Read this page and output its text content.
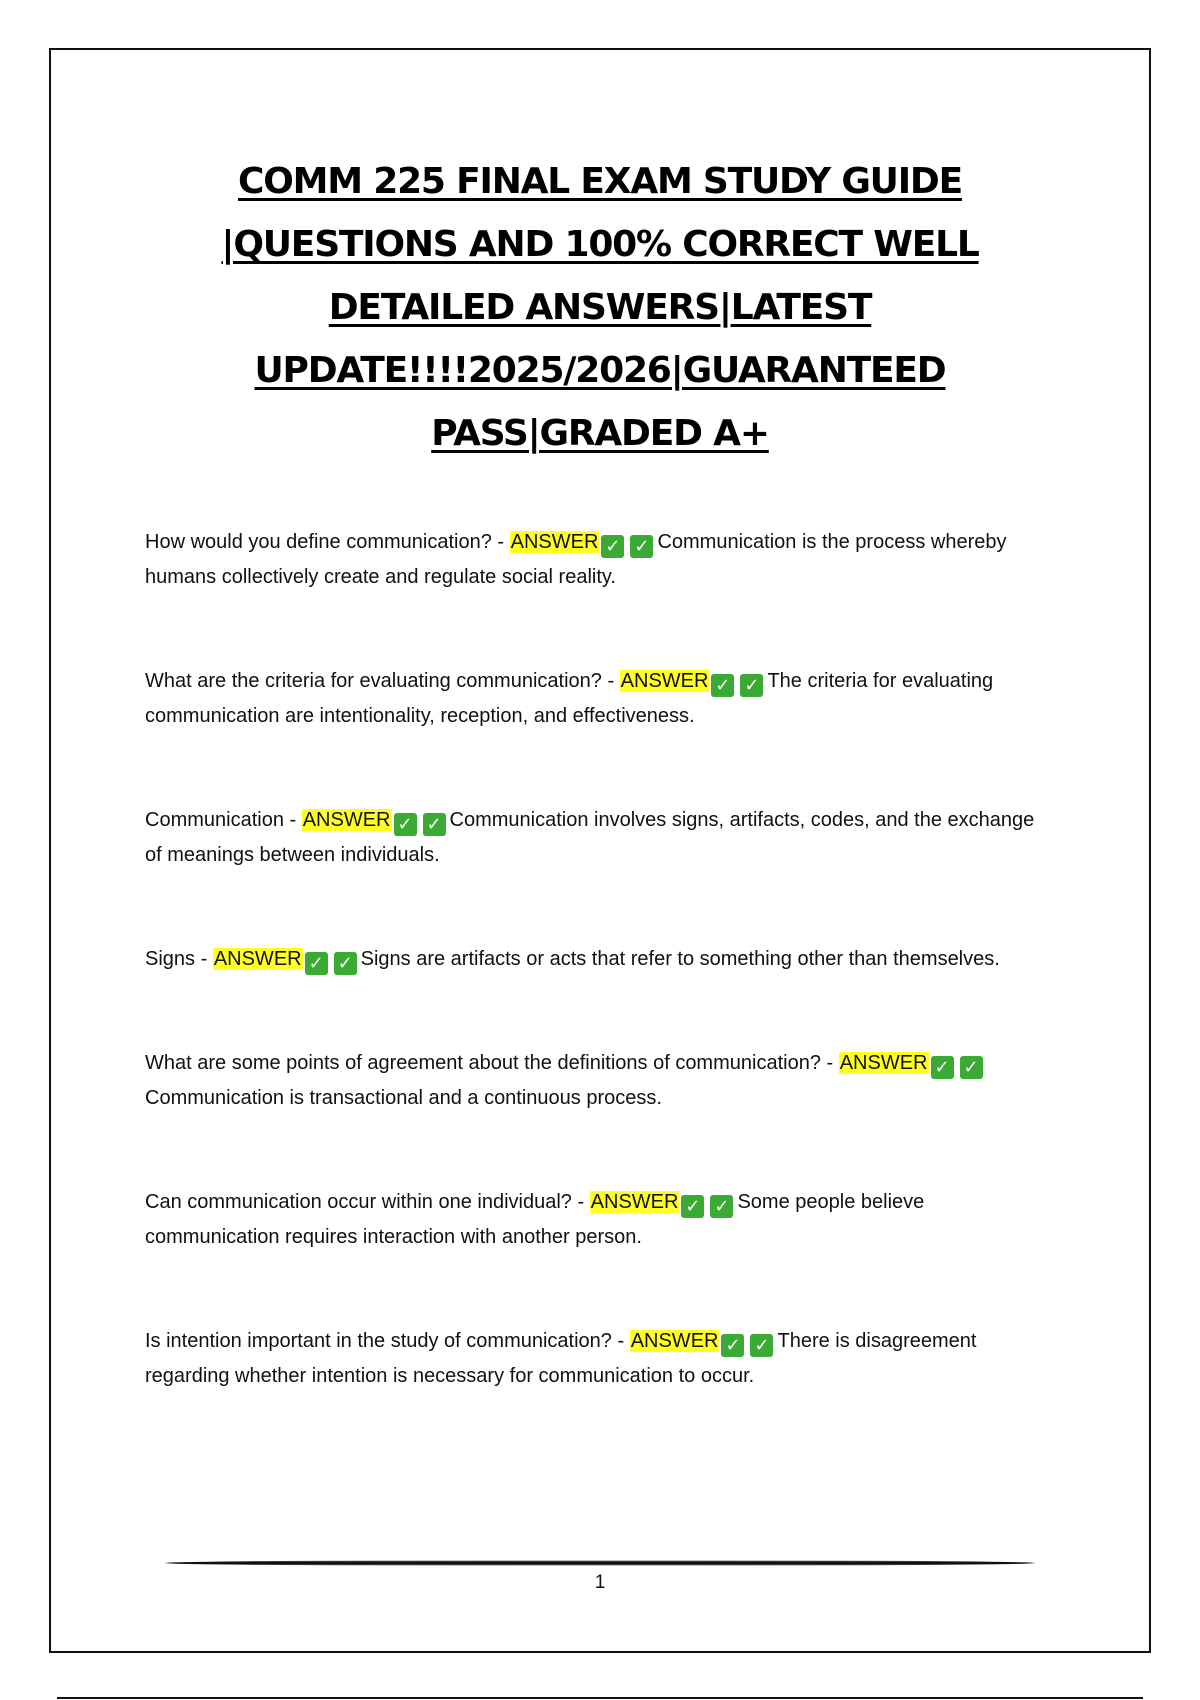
COMM 225 FINAL EXAM STUDY GUIDE
|QUESTIONS AND 100% CORRECT WELL
DETAILED ANSWERS|LATEST
UPDATE!!!!2025/2026|GUARANTEED
PASS|GRADED A+

How would you define communication? - ANSWER ✓ ✓ Communication is the process whereby humans collectively create and regulate social reality.

What are the criteria for evaluating communication? - ANSWER ✓ ✓ The criteria for evaluating communication are intentionality, reception, and effectiveness.

Communication - ANSWER ✓ ✓ Communication involves signs, artifacts, codes, and the exchange of meanings between individuals.

Signs - ANSWER ✓ ✓ Signs are artifacts or acts that refer to something other than themselves.

What are some points of agreement about the definitions of communication? - ANSWER ✓ ✓Communication is transactional and a continuous process.

Can communication occur within one individual? - ANSWER ✓ ✓ Some people believe communication requires interaction with another person.

Is intention important in the study of communication? - ANSWER ✓ ✓ There is disagreement regarding whether intention is necessary for communication to occur.

1
